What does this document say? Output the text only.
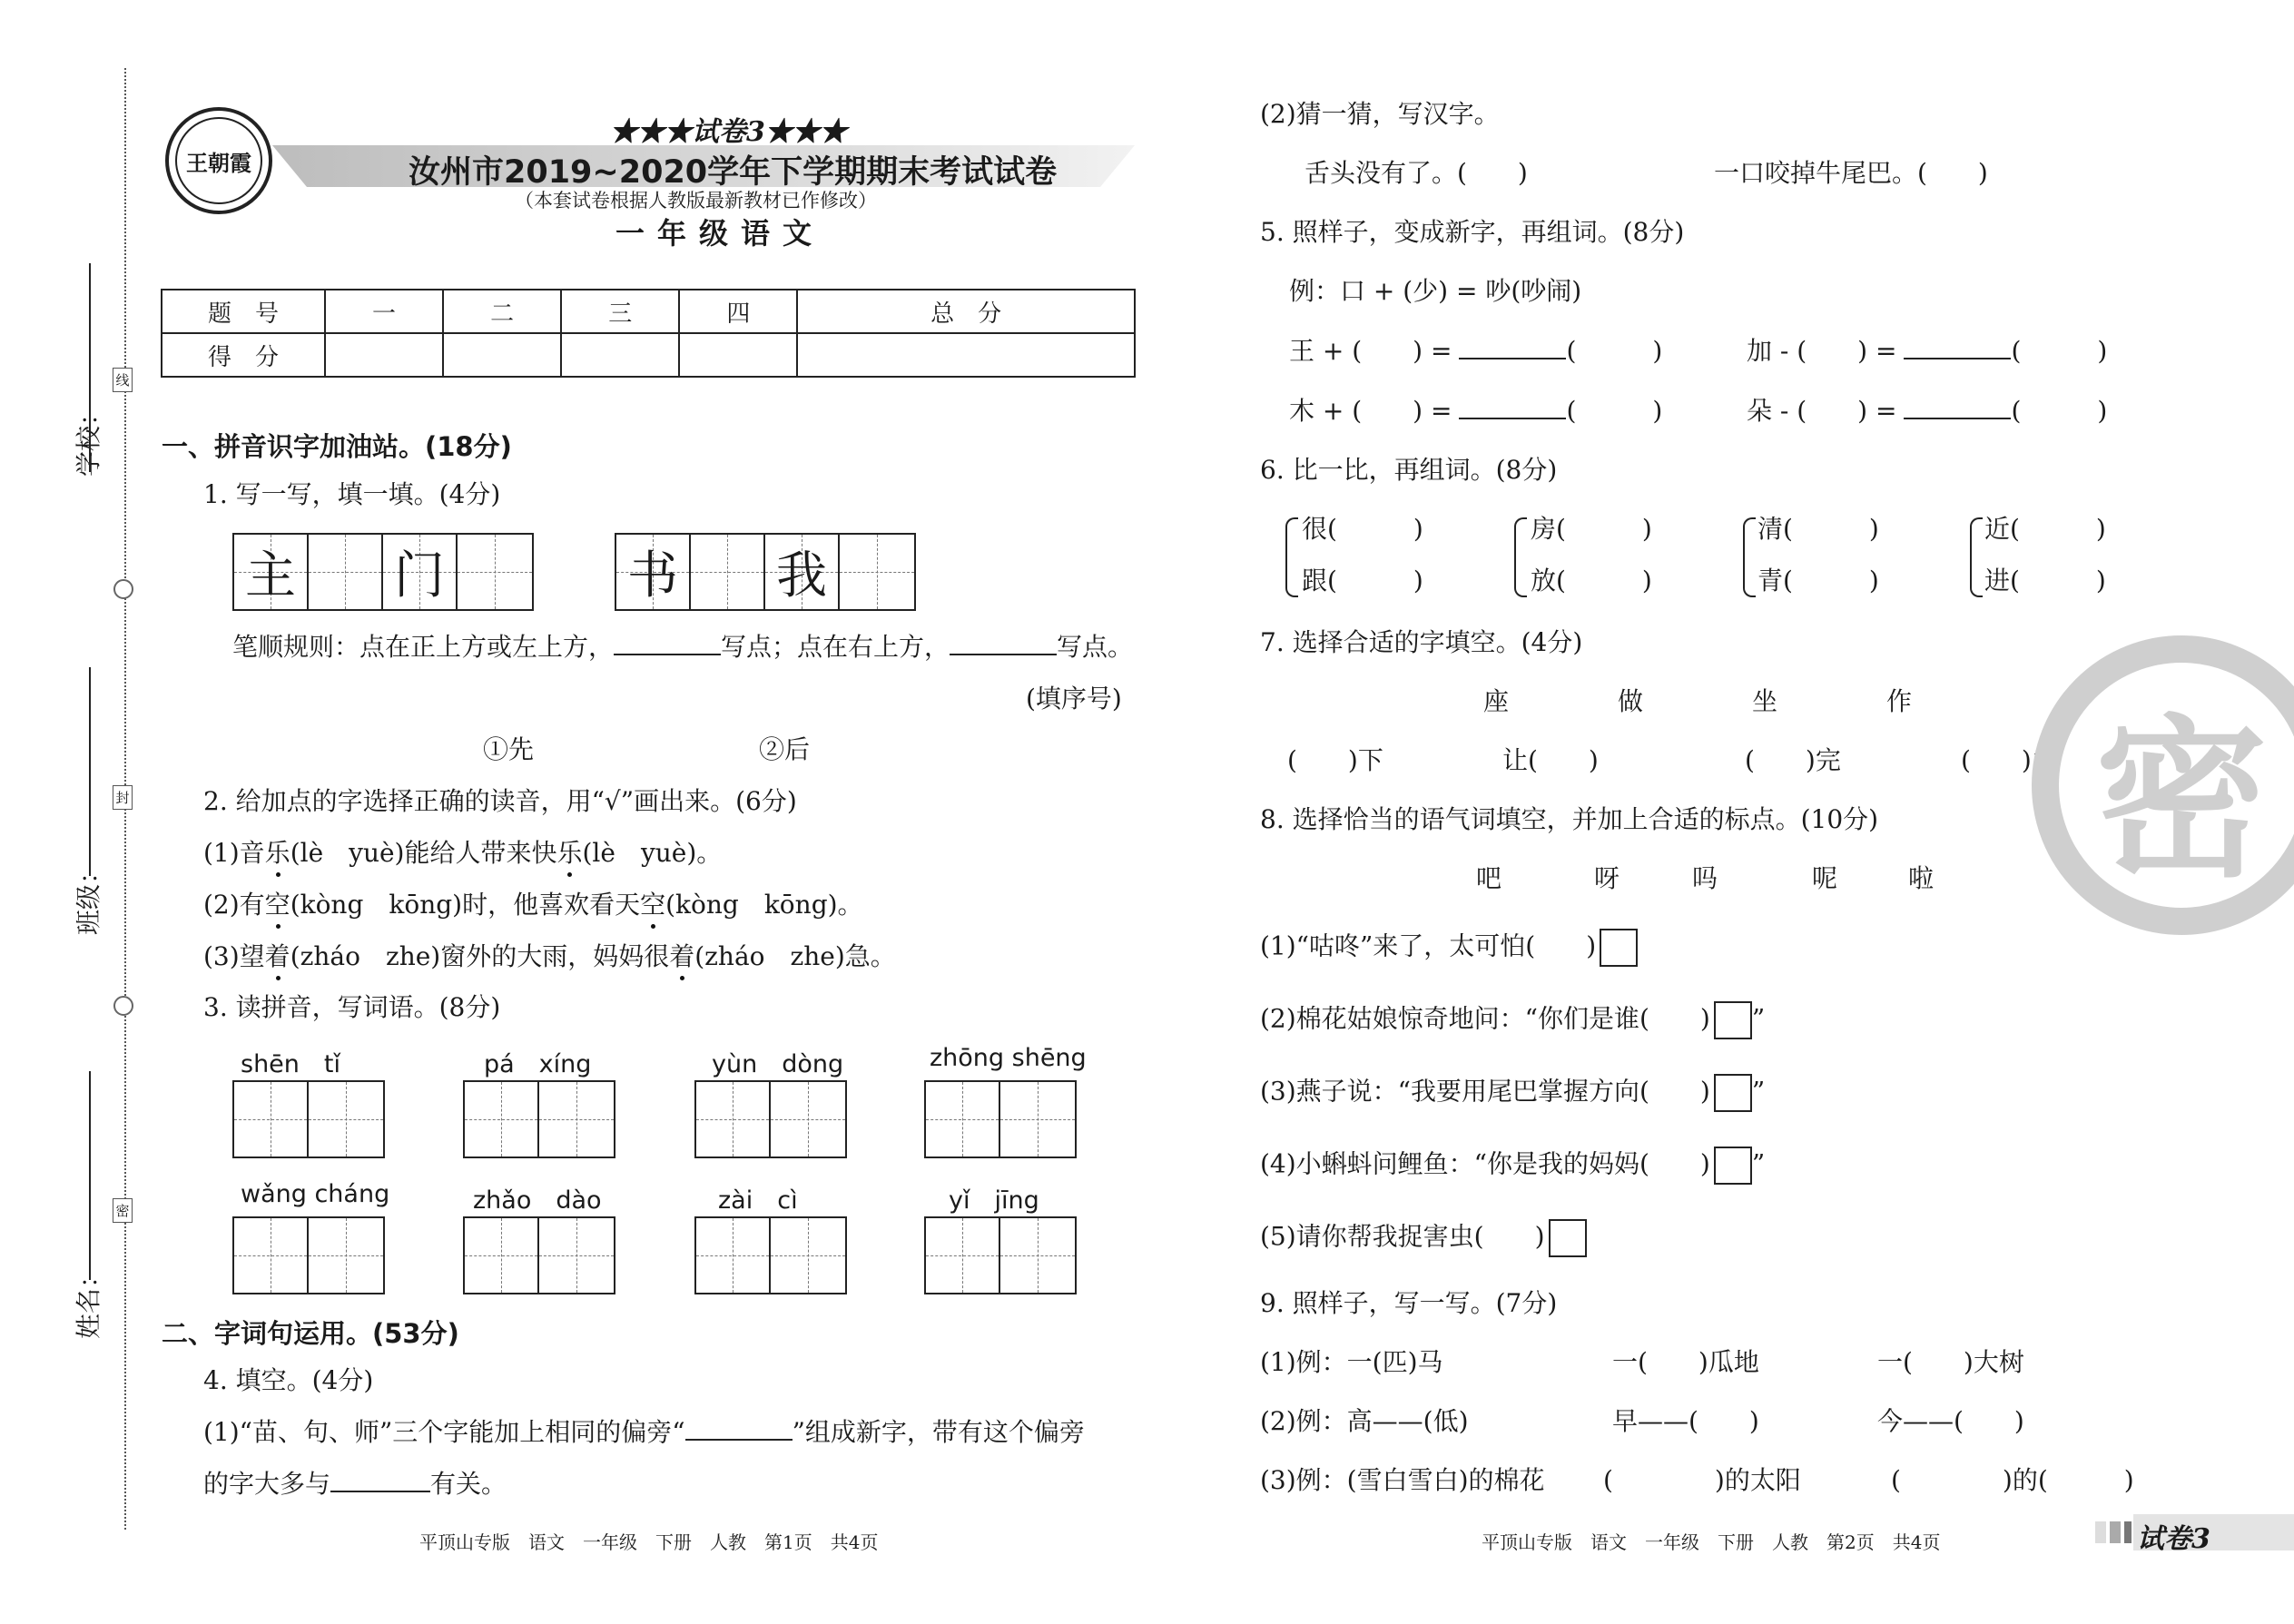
学校：
班级：
姓名：
线
封
密
王朝霞
★★★试卷3★★★
汝州市2019~2020学年下学期期末考试试卷
（本套试卷根据人教版最新教材已作修改）
一年级语文
题　号	一	二	三	四	总　分
得　分					
一、拼音识字加油站。(18分)
1. 写一写，填一填。(4分)
主 门	书 我
笔顺规则：点在正上方或左上方，	写点；点在右上方，	写点。
(填序号)
①先	②后
2. 给加点的字选择正确的读音，用“√”画出来。(6分)
(1)音乐(lè　yuè)能给人带来快乐(lè　yuè)。
(2)有空(kòng　kōng)时，他喜欢看天空(kòng　kōng)。
(3)望着(zháo　zhe)窗外的大雨，妈妈很着(zháo　zhe)急。
3. 读拼音，写词语。(8分)
shēn　tǐ	pá　xíng	yùn　dòng	zhōng shēng
wǎng cháng	zhǎo　dào	zài　cì	yǐ　jīng
二、字词句运用。(53分)
4. 填空。(4分)
(1)“苗、句、师”三个字能加上相同的偏旁“	”组成新字，带有这个偏旁
的字大多与	有关。
平顶山专版　语文　一年级　下册　人教　第1页　共4页
(2)猜一猜，写汉字。
舌头没有了。(　　)	一口咬掉牛尾巴。(　　)
5. 照样子，变成新字，再组词。(8分)
例：口 + (少) = 吵(吵闹)
王 + (　　) =	(　　　)	加 - (　　) =	(　　　)
木 + (　　) =	(　　　)	朵 - (　　) =	(　　　)
6. 比一比，再组词。(8分)
很(　　　)
跟(　　　)
房(　　　)
放(　　　)
清(　　　)
青(　　　)
近(　　　)
进(　　　)
7. 选择合适的字填空。(4分)
座	做	坐	作
(　　)下	让(　　)	(　　)完	(　　)业
8. 选择恰当的语气词填空，并加上合适的标点。(10分)
吧	呀	吗	呢	啦
(1)“咕咚”来了，太可怕(　　)
(2)棉花姑娘惊奇地问：“你们是谁(　　) ”
(3)燕子说：“我要用尾巴掌握方向(　　) ”
(4)小蝌蚪问鲤鱼：“你是我的妈妈(　　) ”
(5)请你帮我捉害虫(　　)
9. 照样子，写一写。(7分)
(1)例：一(匹)马	一(　　)瓜地	一(　　)大树
(2)例：高——(低)	早——(　　)	今——(　　)
(3)例：(雪白雪白)的棉花 (　　　　)的太阳	(　　　　)的(　　　)
密
平顶山专版　语文　一年级　下册　人教　第2页　共4页	试卷3
